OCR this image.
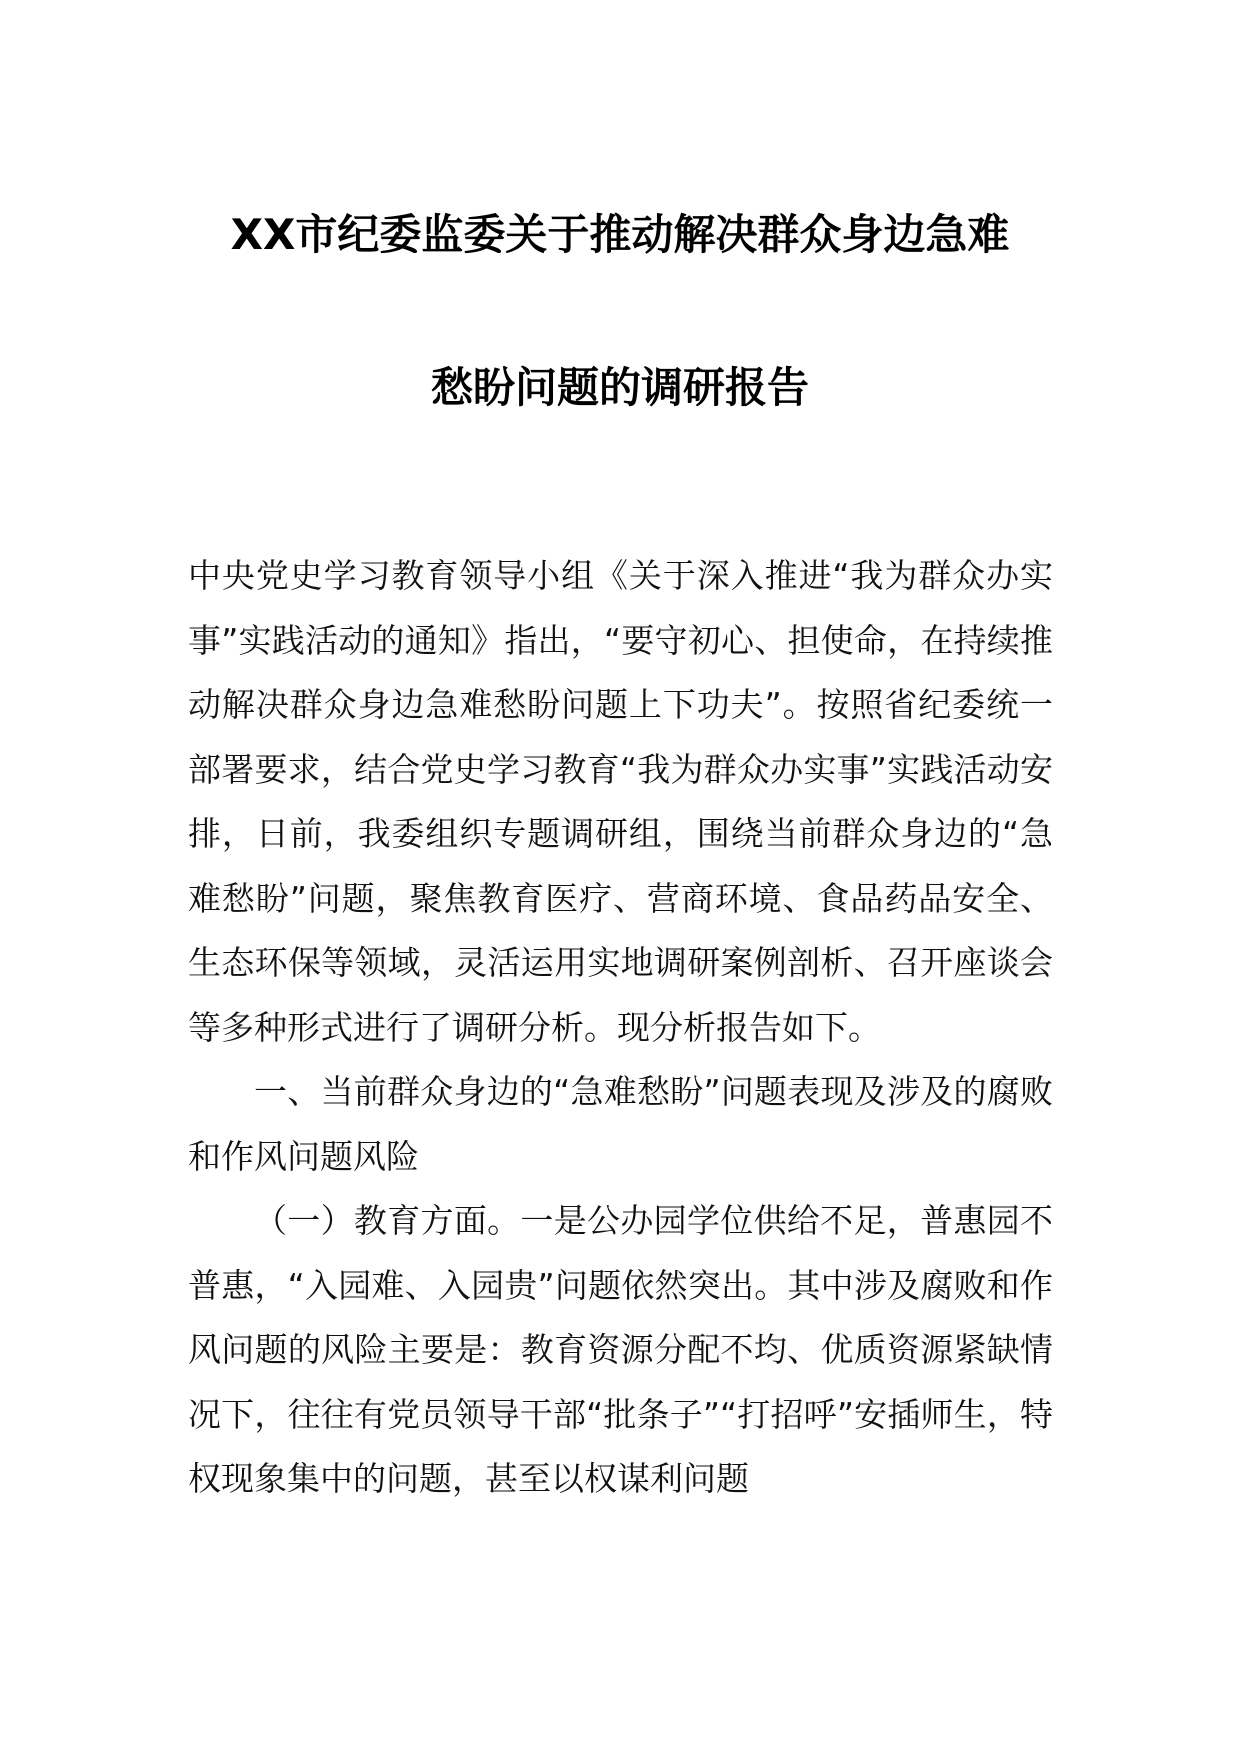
XX市纪委监委关于推动解决群众身边急难
愁盼问题的调研报告

中央党史学习教育领导小组《关于深入推进“我为群众办实事”实践活动的通知》指出，“要守初心、担使命，在持续推动解决群众身边急难愁盼问题上下功夫”。按照省纪委统一部署要求，结合党史学习教育“我为群众办实事”实践活动安排，日前，我委组织专题调研组，围绕当前群众身边的“急难愁盼”问题，聚焦教育医疗、营商环境、食品药品安全、生态环保等领域，灵活运用实地调研案例剖析、召开座谈会等多种形式进行了调研分析。现分析报告如下。

一、当前群众身边的“急难愁盼”问题表现及涉及的腐败和作风问题风险

（一）教育方面。一是公办园学位供给不足，普惠园不普惠，“入园难、入园贵”问题依然突出。其中涉及腐败和作风问题的风险主要是：教育资源分配不均、优质资源紧缺情况下，往往有党员领导干部“批条子”“打招呼”安插师生，特权现象集中的问题，甚至以权谋利问题
